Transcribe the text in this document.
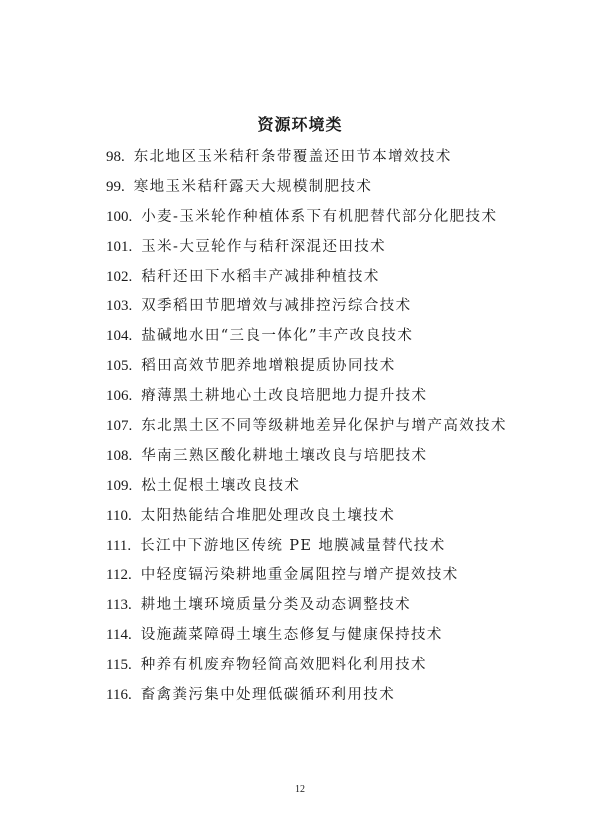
资源环境类
98. 东北地区玉米秸秆条带覆盖还田节本增效技术
99. 寒地玉米秸秆露天大规模制肥技术
100. 小麦-玉米轮作种植体系下有机肥替代部分化肥技术
101. 玉米-大豆轮作与秸秆深混还田技术
102. 秸秆还田下水稻丰产减排种植技术
103. 双季稻田节肥增效与减排控污综合技术
104. 盐碱地水田“三良一体化”丰产改良技术
105. 稻田高效节肥养地增粮提质协同技术
106. 瘠薄黑土耕地心土改良培肥地力提升技术
107. 东北黑土区不同等级耕地差异化保护与增产高效技术
108. 华南三熟区酸化耕地土壤改良与培肥技术
109. 松土促根土壤改良技术
110. 太阳热能结合堆肥处理改良土壤技术
111. 长江中下游地区传统 PE 地膜减量替代技术
112. 中轻度镉污染耕地重金属阻控与增产提效技术
113. 耕地土壤环境质量分类及动态调整技术
114. 设施蔬菜障碍土壤生态修复与健康保持技术
115. 种养有机废弃物轻简高效肥料化利用技术
116. 畜禽粪污集中处理低碳循环利用技术
12
